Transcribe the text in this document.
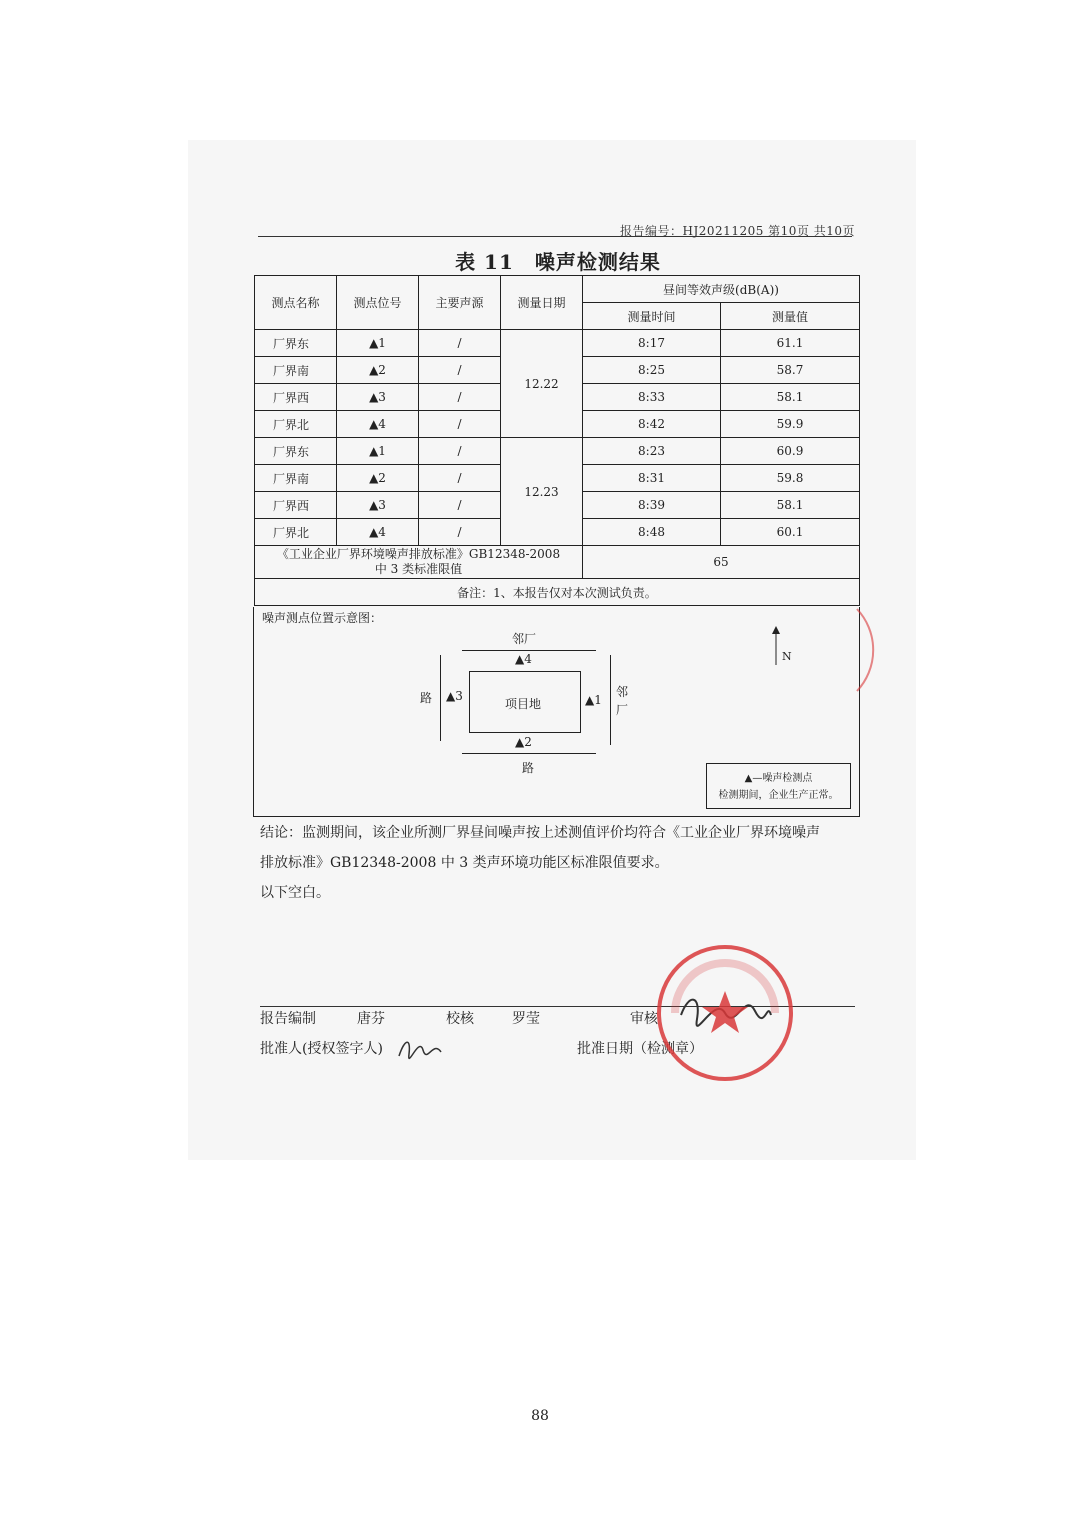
报告编号：HJ20211205 第10页 共10页
表 11　噪声检测结果
测点名称	测点位号	主要声源	测量日期	昼间等效声级(dB(A))	
				测量时间	测量值
厂界东	▲1	/	12.22	8:17	61.1
厂界南	▲2	/		8:25	58.7
厂界西	▲3	/		8:33	58.1
厂界北	▲4	/		8:42	59.9
厂界东	▲1	/	12.23	8:23	60.9
厂界南	▲2	/		8:31	59.8
厂界西	▲3	/		8:39	58.1
厂界北	▲4	/		8:48	60.1
《工业企业厂界环境噪声排放标准》GB12348-2008
中 3 类标准限值				65	
备注：1、本报告仅对本次测试负责。					
噪声测点位置示意图：
邻厂
▲4
路 ▲3
项目地	▲1
邻
厂
▲2
路
N
▲—噪声检测点
检测期间，企业生产正常。
结论：监测期间，该企业所测厂界昼间噪声按上述测值评价均符合《工业企业厂界环境噪声
排放标准》GB12348-2008 中 3 类声环境功能区标准限值要求。
以下空白。
报告编制	唐芬	校核	罗莹	审核
批准人(授权签字人)	批准日期（检测章）
88
